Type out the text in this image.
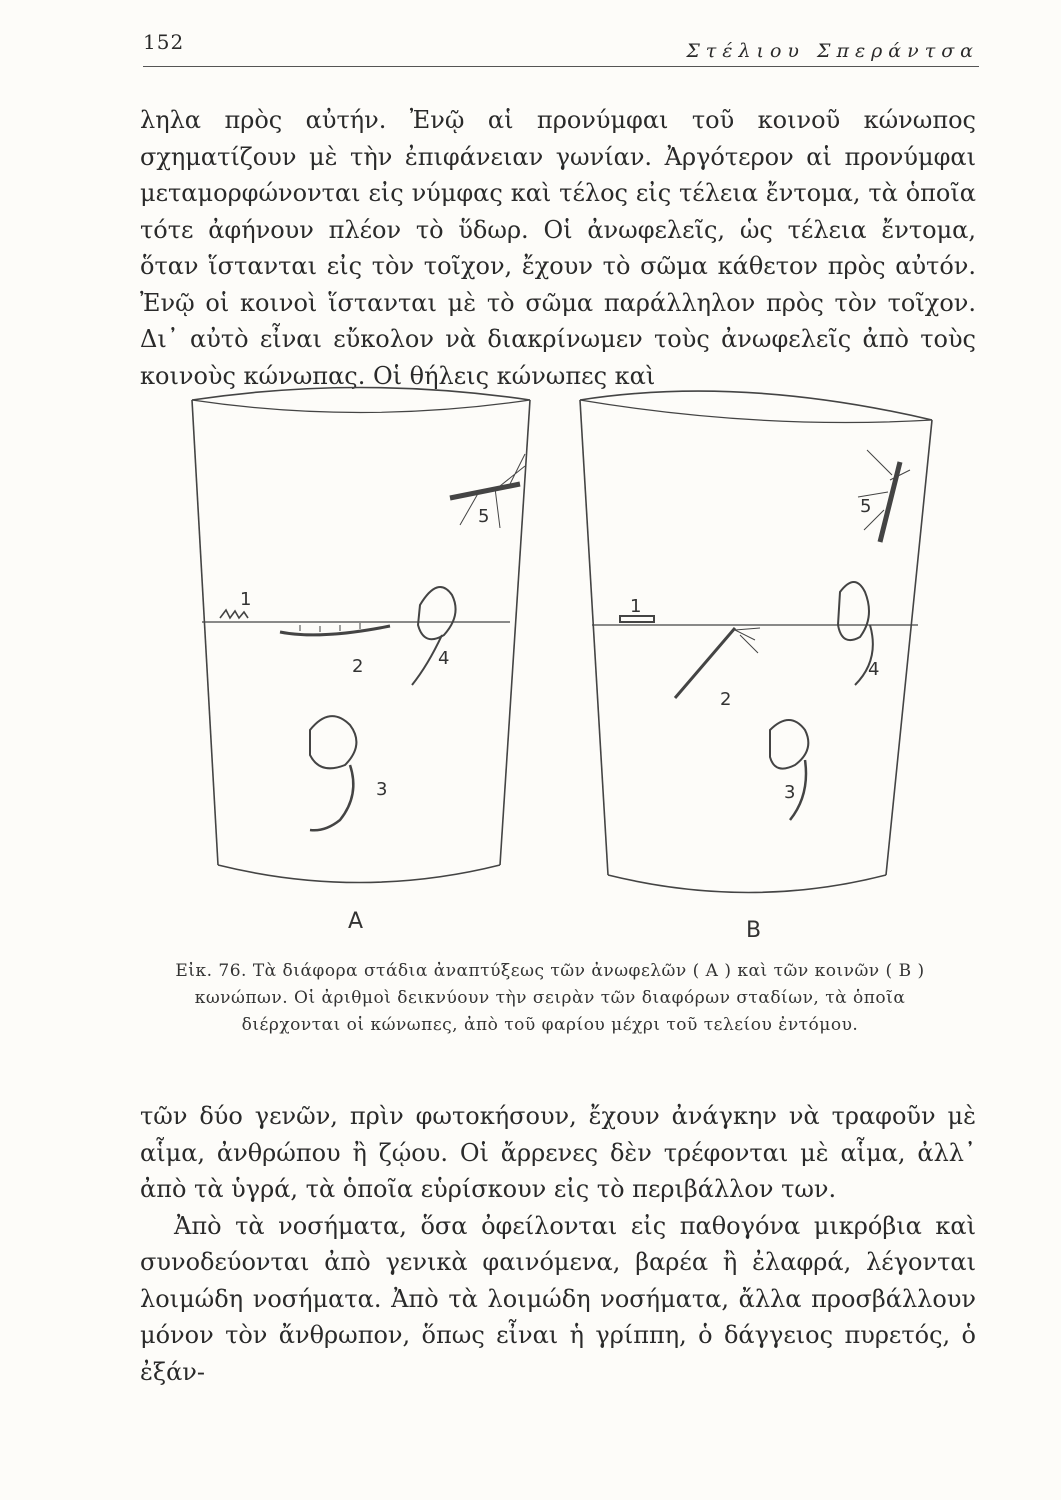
152	Στέλιου Σπεράντσα

ληλα πρὸς αὐτήν. Ἐνῷ αἱ προνύμφαι τοῦ κοινοῦ κώνωπος σχηματίζουν μὲ τὴν ἐπιφάνειαν γωνίαν. Ἀργότερον αἱ προνύμφαι μεταμορφώνονται εἰς νύμφας καὶ τέλος εἰς τέλεια ἔντομα, τὰ ὁποῖα τότε ἀφήνουν πλέον τὸ ὕδωρ. Οἱ ἀνωφελεῖς, ὡς τέλεια ἔντομα, ὅταν ἵστανται εἰς τὸν τοῖχον, ἔχουν τὸ σῶμα κάθετον πρὸς αὐτόν. Ἐνῷ οἱ κοινοὶ ἵστανται μὲ τὸ σῶμα παράλληλον πρὸς τὸν τοῖχον. Δι᾽ αὐτὸ εἶναι εὔκολον νὰ διακρίνωμεν τοὺς ἀνωφελεῖς ἀπὸ τοὺς κοινοὺς κώνωπας. Οἱ θήλεις κώνωπες καὶ

1
2
3
4
5
1
2
3
4
5
A	B
Εἰκ. 76. Τὰ διάφορα στάδια ἀναπτύξεως τῶν ἀνωφελῶν ( Α ) καὶ τῶν κοινῶν ( Β ) κωνώπων. Οἱ ἀριθμοὶ δεικνύουν τὴν σειρὰν τῶν διαφόρων σταδίων, τὰ ὁποῖα διέρχονται οἱ κώνωπες, ἀπὸ τοῦ φαρίου μέχρι τοῦ τελείου ἐντόμου.

τῶν δύο γενῶν, πρὶν φωτοκήσουν, ἔχουν ἀνάγκην νὰ τραφοῦν μὲ αἷμα, ἀνθρώπου ἢ ζῴου. Οἱ ἄρρενες δὲν τρέφονται μὲ αἷμα, ἀλλ᾽ ἀπὸ τὰ ὑγρά, τὰ ὁποῖα εὑρίσκουν εἰς τὸ περιβάλλον των.

Ἀπὸ τὰ νοσήματα, ὅσα ὀφείλονται εἰς παθογόνα μικρόβια καὶ συνοδεύονται ἀπὸ γενικὰ φαινόμενα, βαρέα ἢ ἐλαφρά, λέγονται λοιμώδη νοσήματα. Ἀπὸ τὰ λοιμώδη νοσήματα, ἄλλα προσβάλλουν μόνον τὸν ἄνθρωπον, ὅπως εἶναι ἡ γρίππη, ὁ δάγγειος πυρετός, ὁ ἐξάν-
